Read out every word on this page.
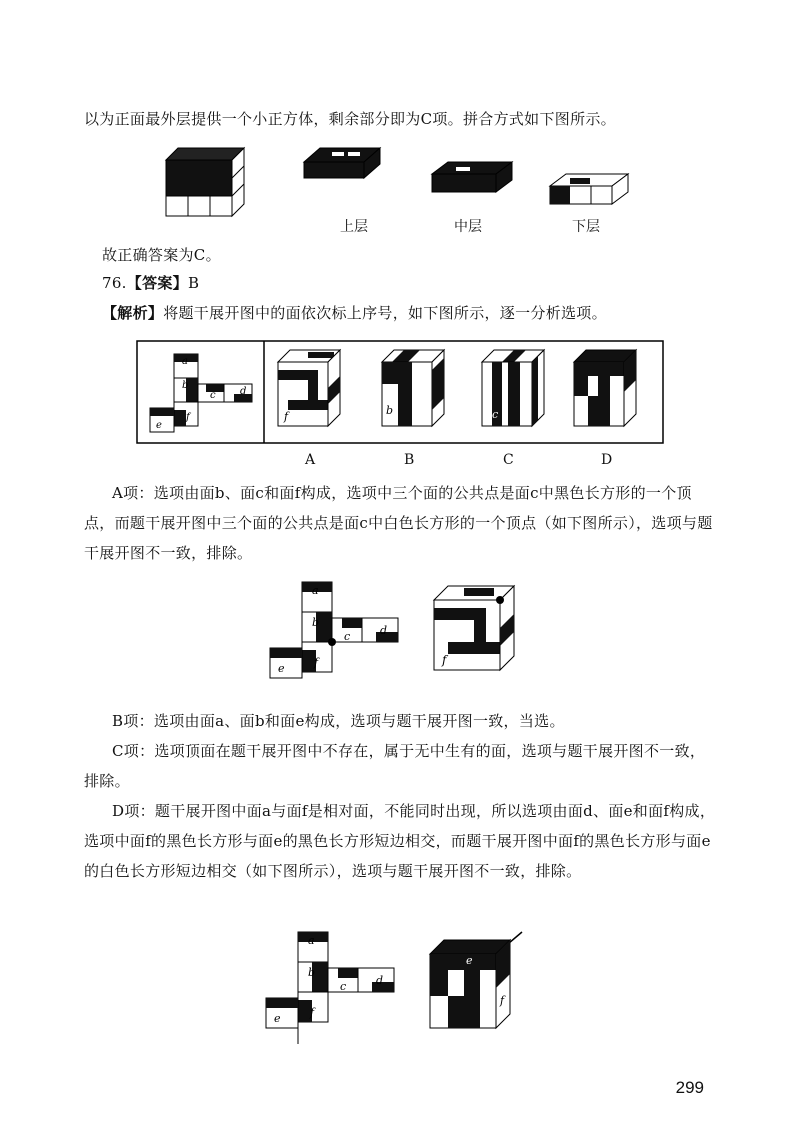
以为正面最外层提供一个小正方体，剩余部分即为C项。拼合方式如下图所示。

上层	中层	下层

故正确答案为C。

76.【答案】B

【解析】将题干展开图中的面依次标上序号，如下图所示，逐一分析选项。

a
b
c d
e
f	f	b	c
A	B	C	D

A项：选项由面b、面c和面f构成，选项中三个面的公共点是面c中黑色长方形的一个顶点，而题干展开图中三个面的公共点是面c中白色长方形的一个顶点（如下图所示），选项与题干展开图不一致，排除。

a
b
c	d
e	f	f

B项：选项由面a、面b和面e构成，选项与题干展开图一致，当选。

C项：选项顶面在题干展开图中不存在，属于无中生有的面，选项与题干展开图不一致，排除。

D项：题干展开图中面a与面f是相对面，不能同时出现，所以选项由面d、面e和面f构成，选项中面f的黑色长方形与面e的黑色长方形短边相交，而题干展开图中面f的黑色长方形与面e的白色长方形短边相交（如下图所示），选项与题干展开图不一致，排除。

a
b
c	d
e	f
e
f
299
